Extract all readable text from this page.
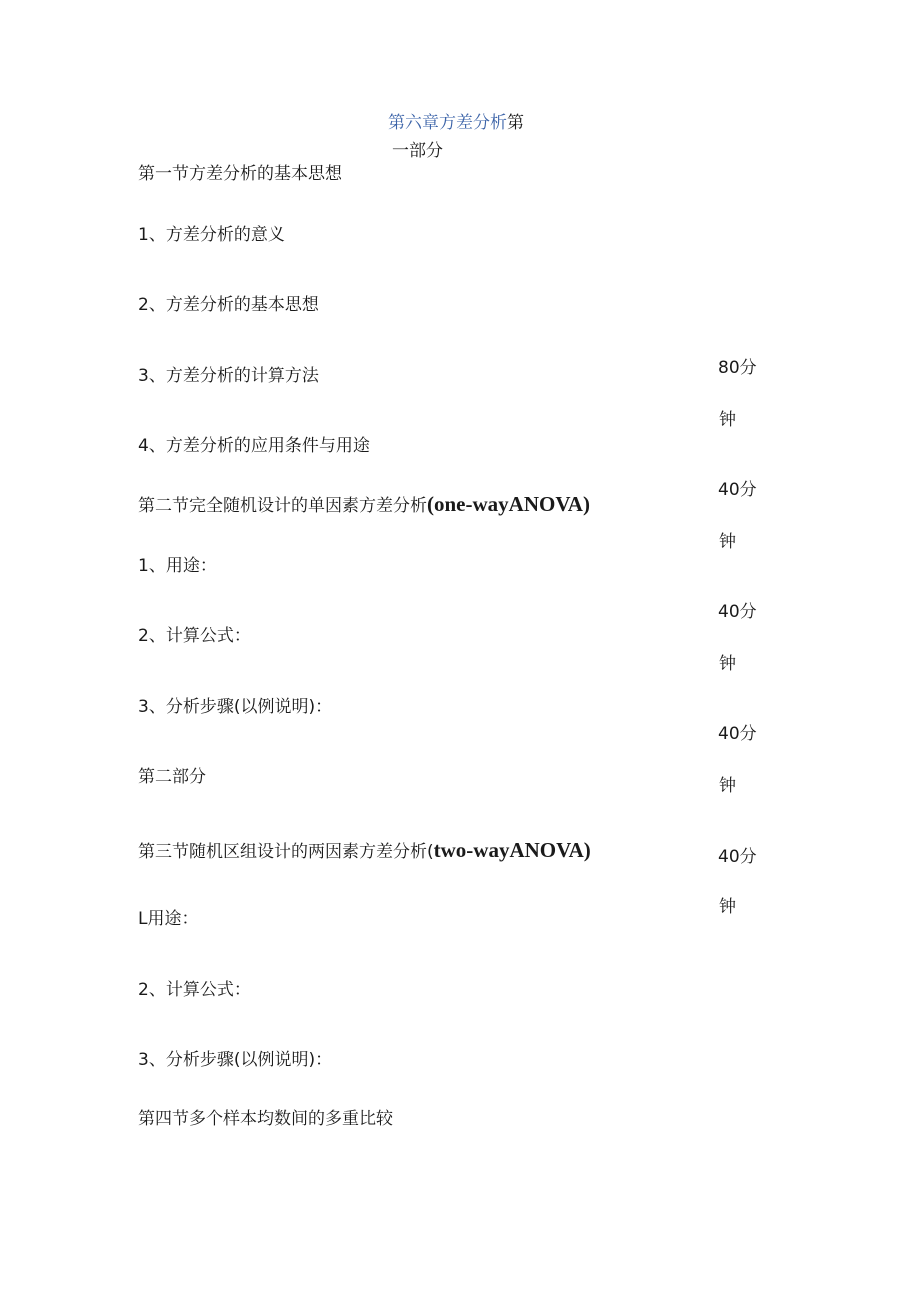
第六章方差分析第
一部分
第一节方差分析的基本思想
1、方差分析的意义
2、方差分析的基本思想
3、方差分析的计算方法
4、方差分析的应用条件与用途
第二节完全随机设计的单因素方差分析(one-wayANOVA)
1、用途：
2、计算公式：
3、分析步骤(以例说明)：
第二部分
第三节随机区组设计的两因素方差分析(two-wayANOVA)
L用途：
2、计算公式：
3、分析步骤(以例说明)：
第四节多个样本均数间的多重比较
80分
钟
40分
钟
40分
钟
40分
钟
40分
钟
